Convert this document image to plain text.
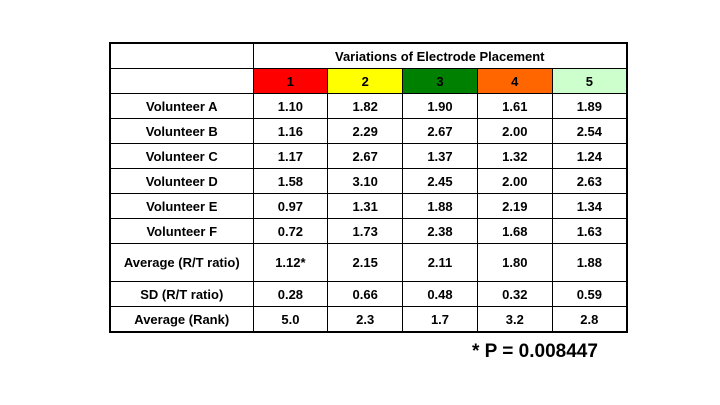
	Variations of Electrode Placement				
	1	2	3	4	5
Volunteer A	1.10	1.82	1.90	1.61	1.89
Volunteer B	1.16	2.29	2.67	2.00	2.54
Volunteer C	1.17	2.67	1.37	1.32	1.24
Volunteer D	1.58	3.10	2.45	2.00	2.63
Volunteer E	0.97	1.31	1.88	2.19	1.34
Volunteer F	0.72	1.73	2.38	1.68	1.63
Average (R/T ratio)	1.12*	2.15	2.11	1.80	1.88
SD (R/T ratio)	0.28	0.66	0.48	0.32	0.59
Average (Rank)	5.0	2.3	1.7	3.2	2.8
* P = 0.008447
